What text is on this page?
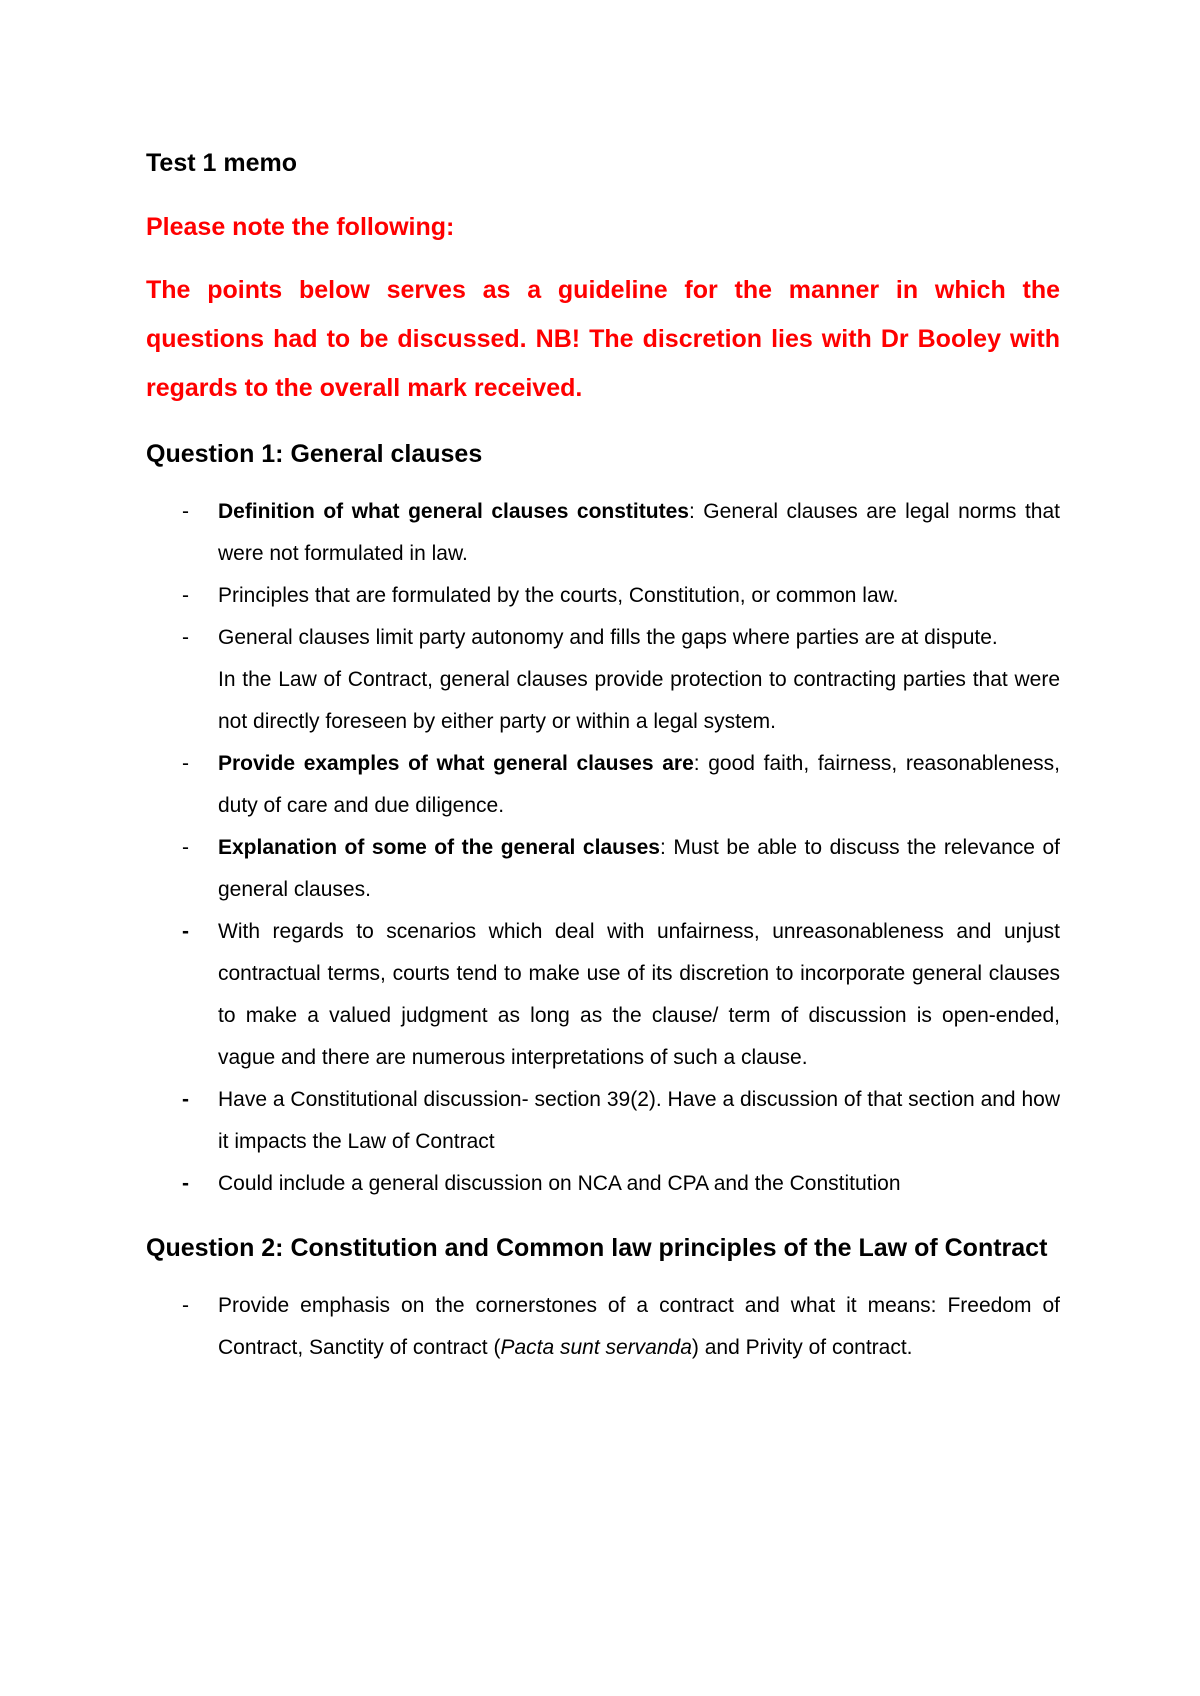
Test 1 memo

Please note the following:

The points below serves as a guideline for the manner in which the questions had to be discussed. NB! The discretion lies with Dr Booley with regards to the overall mark received.

Question 1: General clauses

- Definition of what general clauses constitutes: General clauses are legal norms that were not formulated in law.
- Principles that are formulated by the courts, Constitution, or common law.
- General clauses limit party autonomy and fills the gaps where parties are at dispute.

In the Law of Contract, general clauses provide protection to contracting parties that were not directly foreseen by either party or within a legal system.

- Provide examples of what general clauses are: good faith, fairness, reasonableness, duty of care and due diligence.
- Explanation of some of the general clauses: Must be able to discuss the relevance of general clauses.
- With regards to scenarios which deal with unfairness, unreasonableness and unjust contractual terms, courts tend to make use of its discretion to incorporate general clauses to make a valued judgment as long as the clause/ term of discussion is open-ended, vague and there are numerous interpretations of such a clause.
- Have a Constitutional discussion- section 39(2). Have a discussion of that section and how it impacts the Law of Contract
- Could include a general discussion on NCA and CPA and the Constitution

Question 2: Constitution and Common law principles of the Law of Contract

- Provide emphasis on the cornerstones of a contract and what it means: Freedom of Contract, Sanctity of contract (Pacta sunt servanda) and Privity of contract.
